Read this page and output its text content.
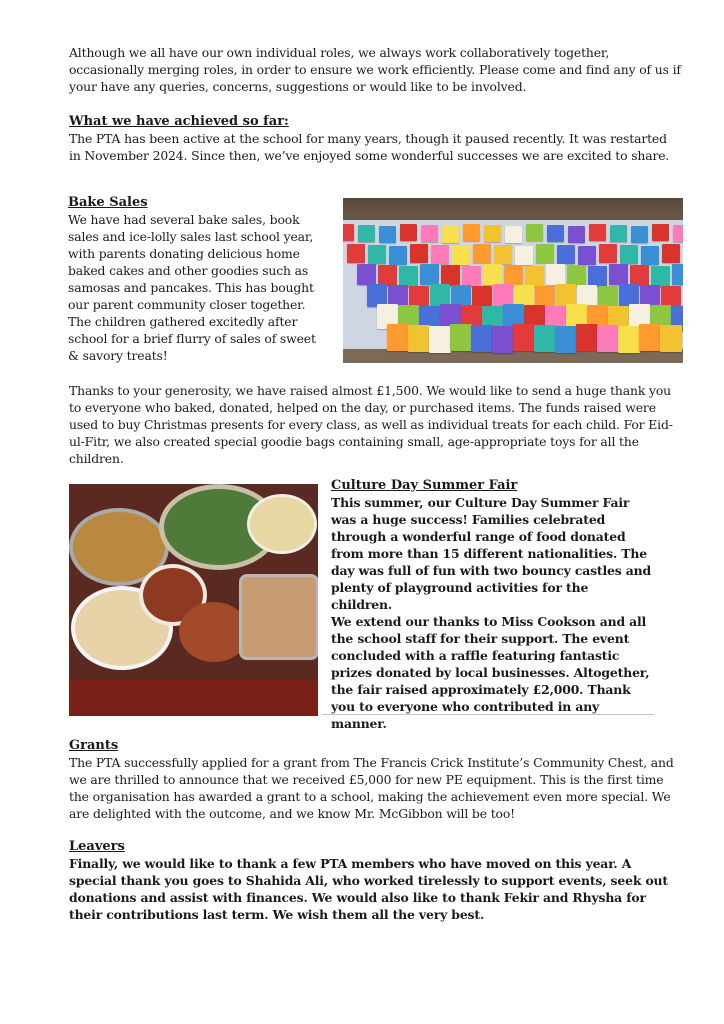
Although we all have our own individual roles, we always work collaboratively together, occasionally merging roles, in order to ensure we work efficiently. Please come and find any of us if your have any queries, concerns, suggestions or would like to be involved.

What we have achieved so far:

The PTA has been active at the school for many years, though it paused recently. It was restarted in November 2024. Since then, we’ve enjoyed some wonderful successes we are excited to share.

Bake Sales

We have had several bake sales, book sales and ice-lolly sales last school year, with parents donating delicious home baked cakes and other goodies such as samosas and pancakes. This has bought our parent community closer together. The children gathered excitedly after school for a brief flurry of sales of sweet & savory treats!

Thanks to your generosity, we have raised almost £1,500. We would like to send a huge thank you to everyone who baked, donated, helped on the day, or purchased items. The funds raised were used to buy Christmas presents for every class, as well as individual treats for each child. For Eid-ul-Fitr, we also created special goodie bags containing small, age-appropriate toys for all the children.

Culture Day Summer Fair

This summer, our Culture Day Summer Fair was a huge success! Families celebrated through a wonderful range of food donated from more than 15 different nationalities. The day was full of fun with two bouncy castles and plenty of playground activities for the children.

We extend our thanks to Miss Cookson and all the school staff for their support. The event concluded with a raffle featuring fantastic prizes donated by local businesses. Altogether, the fair raised approximately £2,000. Thank you to everyone who contributed in any manner.

Grants

The PTA successfully applied for a grant from The Francis Crick Institute’s Community Chest, and we are thrilled to announce that we received £5,000 for new PE equipment. This is the first time the organisation has awarded a grant to a school, making the achievement even more special. We are delighted with the outcome, and we know Mr. McGibbon will be too!

Leavers

Finally, we would like to thank a few PTA members who have moved on this year. A special thank you goes to Shahida Ali, who worked tirelessly to support events, seek out donations and assist with finances. We would also like to thank Fekir and Rhysha for their contributions last term. We wish them all the very best.
